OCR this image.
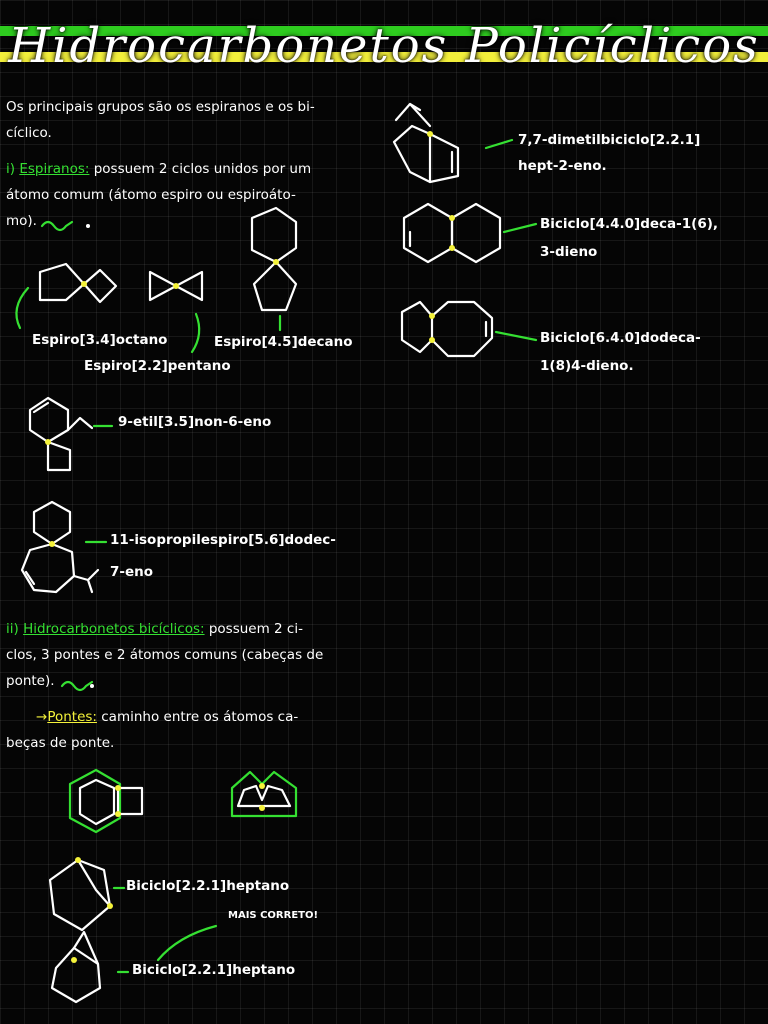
Hidrocarbonetos Policíclicos
Os principais grupos são os espiranos e os bi-
cíclico.
i) Espiranos: possuem 2 ciclos unidos por um
átomo comum (átomo espiro ou espiroáto-
mo).
Espiro[3.4]octano
Espiro[2.2]pentano
Espiro[4.5]decano
9-etil[3.5]non-6-eno
11-isopropilespiro[5.6]dodec-
7-eno
ii) Hidrocarbonetos bicíclicos: possuem 2 ci-
clos, 3 pontes e 2 átomos comuns (cabeças de
ponte).
→Pontes: caminho entre os átomos ca-
beças de ponte.
Biciclo[2.2.1]heptano
MAIS CORRETO!
Biciclo[2.2.1]heptano
7,7-dimetilbiciclo[2.2.1]
hept-2-eno.
Biciclo[4.4.0]deca-1(6),
3-dieno
Biciclo[6.4.0]dodeca-
1(8)4-dieno.
